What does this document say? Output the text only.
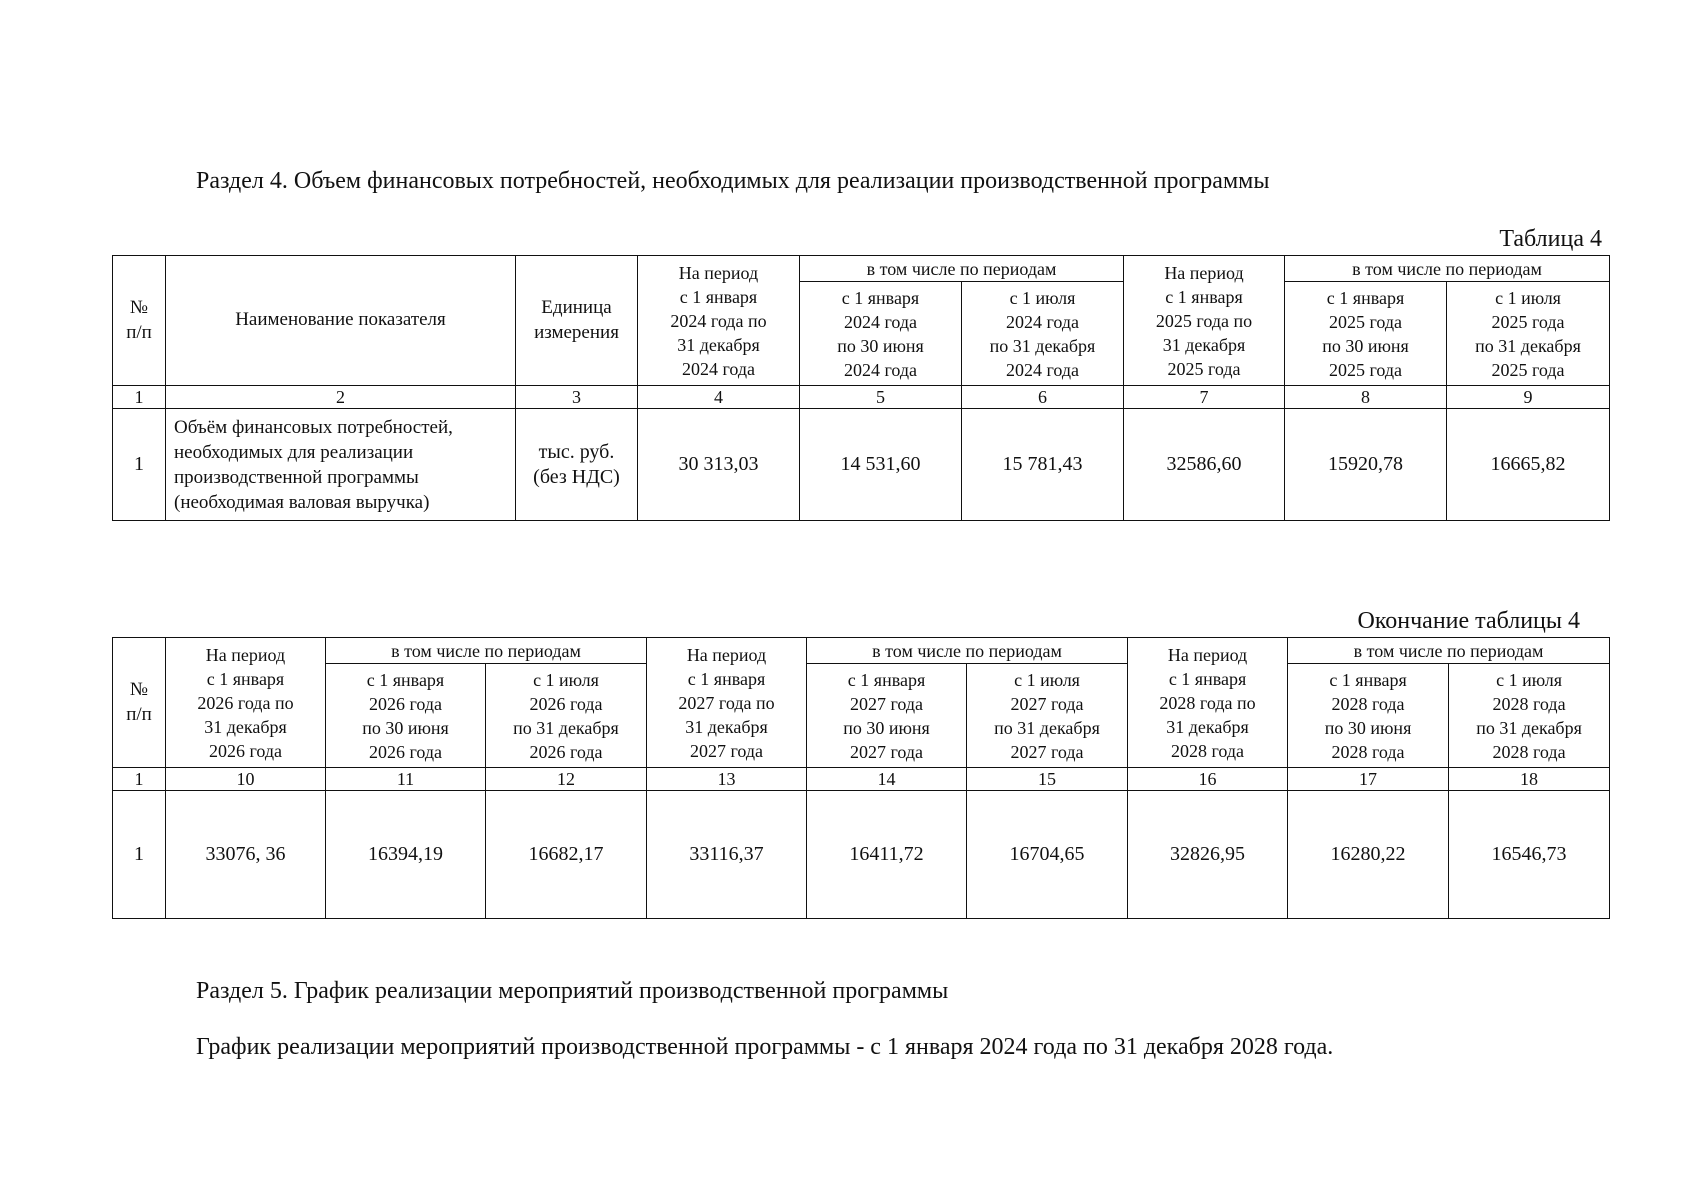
Раздел 4. Объем финансовых потребностей, необходимых для реализации производственной программы
Таблица 4
№
п/п	Наименование показателя	Единица
измерения	На период
с 1 января
2024 года по
31 декабря
2024 года	в том числе по периодам		На период
с 1 января
2025 года по
31 декабря
2025 года	в том числе по периодам	

				с 1 января
2024 года
по 30 июня
2024 года	с 1 июля
2024 года
по 31 декабря
2024 года		с 1 января
2025 года
по 30 июня
2025 года	с 1 июля
2025 года
по 31 декабря
2025 года

1	2	3	4	5	6	7	8	9
1	Объём финансовых потребностей,
необходимых для реализации
производственной программы
(необходимая валовая выручка)	тыс. руб.
(без НДС)	30 313,03	14 531,60	15 781,43	32586,60	15920,78	16665,82
Окончание таблицы 4
№
п/п	На период
с 1 января
2026 года по
31 декабря
2026 года	в том числе по периодам		На период
с 1 января
2027 года по
31 декабря
2027 года	в том числе по периодам		На период
с 1 января
2028 года по
31 декабря
2028 года	в том числе по периодам	

		с 1 января
2026 года
по 30 июня
2026 года	с 1 июля
2026 года
по 31 декабря
2026 года		с 1 января
2027 года
по 30 июня
2027 года	с 1 июля
2027 года
по 31 декабря
2027 года		с 1 января
2028 года
по 30 июня
2028 года	с 1 июля
2028 года
по 31 декабря
2028 года

1	10	11	12	13	14	15	16	17	18
1	33076, 36	16394,19	16682,17	33116,37	16411,72	16704,65	32826,95	16280,22	16546,73
Раздел 5. График реализации мероприятий производственной программы
График реализации мероприятий производственной программы - с 1 января 2024 года по 31 декабря 2028 года.
